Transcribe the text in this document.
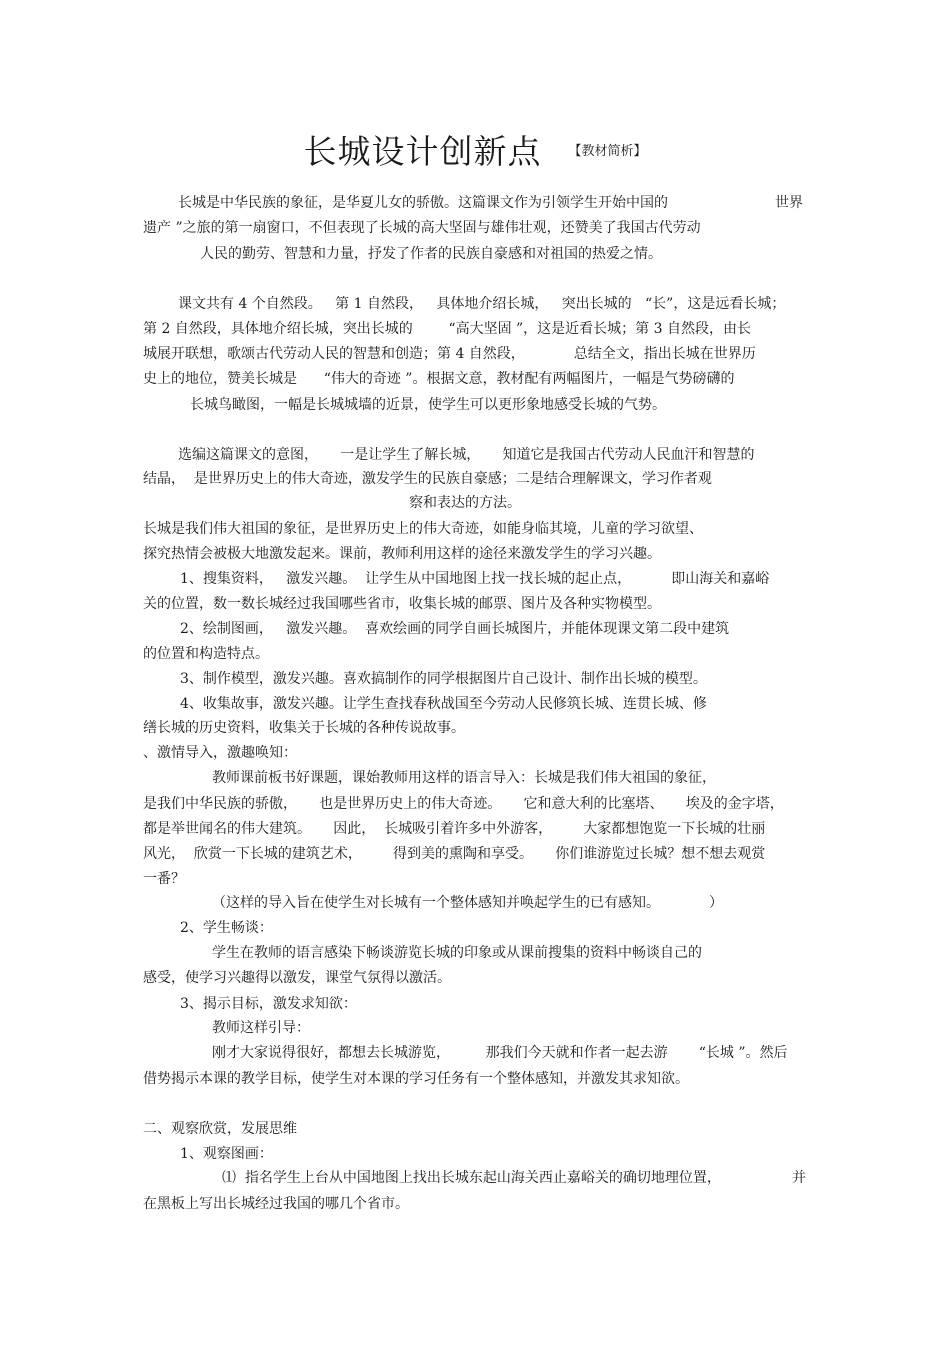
长城设计创新点 【教材简析】
长城是中华民族的象征，是华夏儿女的骄傲。这篇课文作为引领学生开始中国的	世界
遗产 ”之旅的第一扇窗口，不但表现了长城的高大坚固与雄伟壮观，还赞美了我国古代劳动
人民的勤劳、智慧和力量，抒发了作者的民族自豪感和对祖国的热爱之情。
课文共有 4 个自然段。   第 1 自然段，   具体地介绍长城，   突出长城的   “长”，这是远看长城；
第 2 自然段，具体地介绍长城，突出长城的        “高大坚固 ”，这是近看长城；第 3 自然段，由长
城展开联想，歌颂古代劳动人民的智慧和创造；第 4 自然段，           总结全文，指出长城在世界历
史上的地位，赞美长城是      “伟大的奇迹 ”。根据文意，教材配有两幅图片，一幅是气势磅礴的
长城鸟瞰图，一幅是长城城墙的近景，使学生可以更形象地感受长城的气势。
选编这篇课文的意图，     一是让学生了解长城，     知道它是我国古代劳动人民血汗和智慧的
结晶，  是世界历史上的伟大奇迹，激发学生的民族自豪感；二是结合理解课文，学习作者观
察和表达的方法。
长城是我们伟大祖国的象征，是世界历史上的伟大奇迹，如能身临其境，儿童的学习欲望、
探究热情会被极大地激发起来。课前，教师利用这样的途径来激发学生的学习兴趣。
1、搜集资料，   激发兴趣。  让学生从中国地图上找一找长城的起止点，         即山海关和嘉峪
关的位置，数一数长城经过我国哪些省市，收集长城的邮票、图片及各种实物模型。
2、绘制图画，   激发兴趣。  喜欢绘画的同学自画长城图片，并能体现课文第二段中建筑
的位置和构造特点。
3、制作模型，激发兴趣。喜欢搞制作的同学根据图片自己设计、制作出长城的模型。
4、收集故事，激发兴趣。让学生查找春秋战国至今劳动人民修筑长城、连贯长城、修
缮长城的历史资料，收集关于长城的各种传说故事。
、激情导入，激趣唤知：
教师课前板书好课题，课始教师用这样的语言导入：长城是我们伟大祖国的象征，
是我们中华民族的骄傲，     也是世界历史上的伟大奇迹。     它和意大利的比塞塔、     埃及的金字塔，
都是举世闻名的伟大建筑。     因此，  长城吸引着许多中外游客，       大家都想饱览一下长城的壮丽
风光，  欣赏一下长城的建筑艺术，       得到美的熏陶和享受。     你们谁游览过长城？想不想去观赏
一番？
（这样的导入旨在使学生对长城有一个整体感知并唤起学生的已有感知。           ）
2、学生畅谈：
学生在教师的语言感染下畅谈游览长城的印象或从课前搜集的资料中畅谈自己的
感受，使学习兴趣得以激发，课堂气氛得以激活。
3、揭示目标，激发求知欲：
教师这样引导：
刚才大家说得很好，都想去长城游览，        那我们今天就和作者一起去游       “长城 ”。然后
借势揭示本课的教学目标，使学生对本课的学习任务有一个整体感知，并激发其求知欲。
二、观察欣赏，发展思维
1、观察图画：
⑴  指名学生上台从中国地图上找出长城东起山海关西止嘉峪关的确切地理位置，	并
在黑板上写出长城经过我国的哪几个省市。
